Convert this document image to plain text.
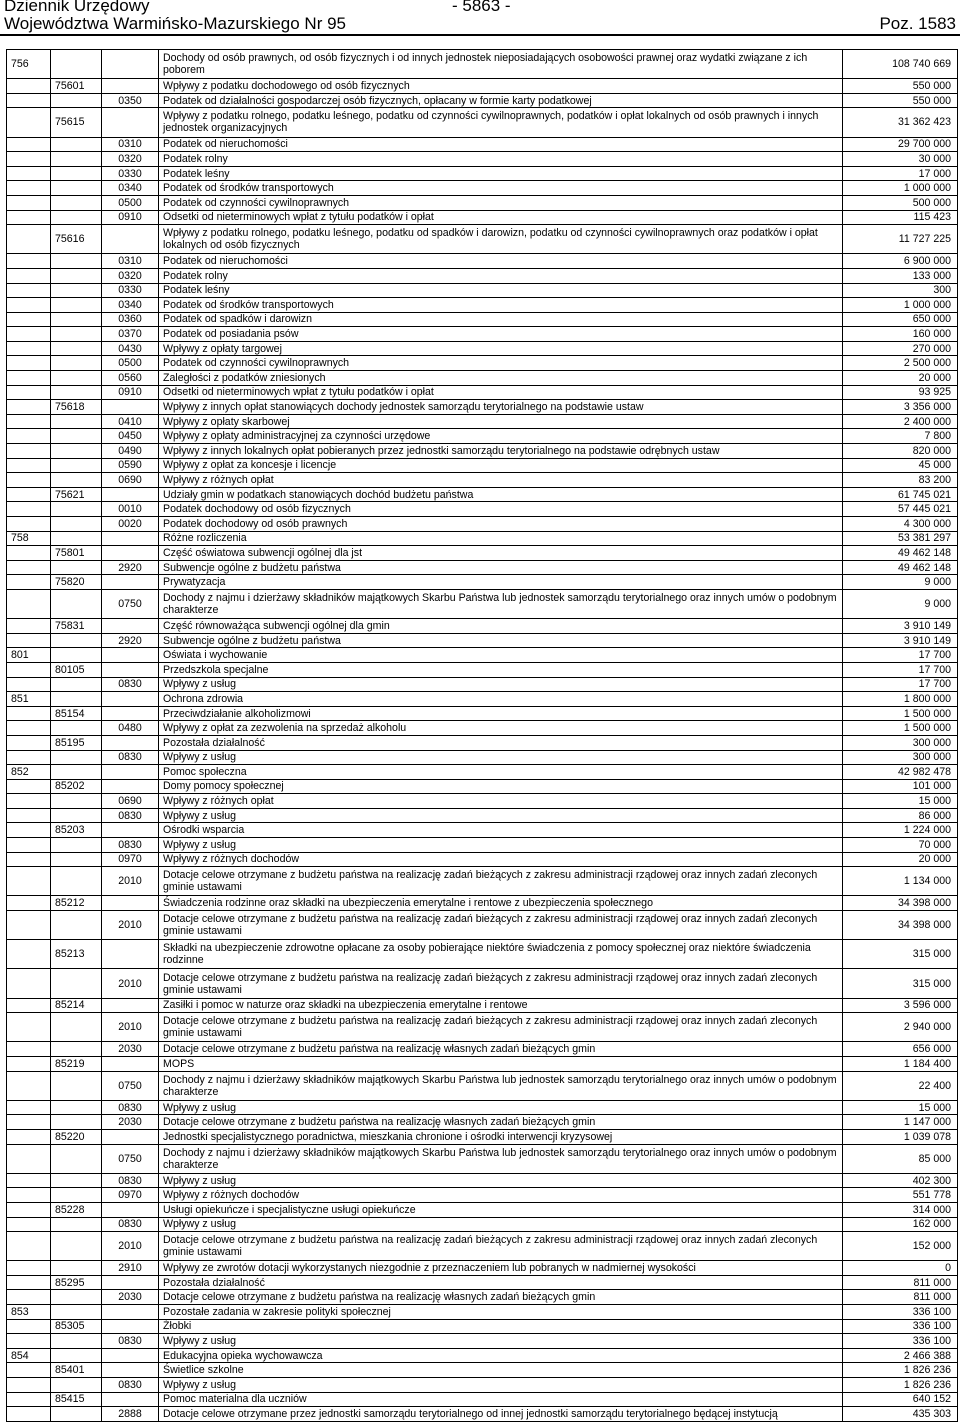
Dziennik Urzędowy
Województwa Warmińsko-Mazurskiego Nr 95
- 5863 -
Poz. 1583
756			Dochody od osób prawnych, od osób fizycznych i od innych jednostek nieposiadających osobowości prawnej oraz wydatki związane z ich poborem	108 740 669
	75601		Wpływy z podatku dochodowego od osób fizycznych	550 000
		0350	Podatek od działalności gospodarczej osób fizycznych, opłacany w formie karty podatkowej	550 000
	75615		Wpływy z podatku rolnego, podatku leśnego, podatku od czynności cywilnoprawnych, podatków i opłat lokalnych od osób prawnych i innych jednostek organizacyjnych	31 362 423
		0310	Podatek od nieruchomości	29 700 000
		0320	Podatek rolny	30 000
		0330	Podatek leśny	17 000
		0340	Podatek od środków transportowych	1 000 000
		0500	Podatek od czynności cywilnoprawnych	500 000
		0910	Odsetki od nieterminowych wpłat z tytułu podatków i opłat	115 423
	75616		Wpływy z podatku rolnego, podatku leśnego, podatku od spadków i darowizn, podatku od czynności cywilnoprawnych oraz podatków i opłat lokalnych od osób fizycznych	11 727 225
		0310	Podatek od nieruchomości	6 900 000
		0320	Podatek rolny	133 000
		0330	Podatek leśny	300
		0340	Podatek od środków transportowych	1 000 000
		0360	Podatek od spadków i darowizn	650 000
		0370	Podatek od posiadania psów	160 000
		0430	Wpływy z opłaty targowej	270 000
		0500	Podatek od czynności cywilnoprawnych	2 500 000
		0560	Zaległości z podatków zniesionych	20 000
		0910	Odsetki od nieterminowych wpłat z tytułu podatków i opłat	93 925
	75618		Wpływy z innych opłat stanowiących dochody jednostek samorządu terytorialnego na podstawie ustaw	3 356 000
		0410	Wpływy z opłaty skarbowej	2 400 000
		0450	Wpływy z opłaty administracyjnej za czynności urzędowe	7 800
		0490	Wpływy z innych lokalnych opłat pobieranych przez jednostki samorządu terytorialnego na podstawie odrębnych ustaw	820 000
		0590	Wpływy z opłat za koncesje i licencje	45 000
		0690	Wpływy z różnych opłat	83 200
	75621		Udziały gmin w podatkach stanowiących dochód budżetu państwa	61 745 021
		0010	Podatek dochodowy od osób fizycznych	57 445 021
		0020	Podatek dochodowy od osób prawnych	4 300 000
758			Różne rozliczenia	53 381 297
	75801		Część oświatowa subwencji ogólnej dla jst	49 462 148
		2920	Subwencje ogólne z budżetu państwa	49 462 148
	75820		Prywatyzacja	9 000
		0750	Dochody z najmu i dzierżawy składników majątkowych Skarbu Państwa lub jednostek samorządu terytorialnego oraz innych umów o podobnym charakterze	9 000
	75831		Część równoważąca subwencji ogólnej dla gmin	3 910 149
		2920	Subwencje ogólne z budżetu państwa	3 910 149
801			Oświata i wychowanie	17 700
	80105		Przedszkola specjalne	17 700
		0830	Wpływy z usług	17 700
851			Ochrona zdrowia	1 800 000
	85154		Przeciwdziałanie alkoholizmowi	1 500 000
		0480	Wpływy z opłat za zezwolenia na sprzedaż alkoholu	1 500 000
	85195		Pozostała działalność	300 000
		0830	Wpływy z usług	300 000
852			Pomoc społeczna	42 982 478
	85202		Domy pomocy społecznej	101 000
		0690	Wpływy z różnych opłat	15 000
		0830	Wpływy z usług	86 000
	85203		Ośrodki wsparcia	1 224 000
		0830	Wpływy z usług	70 000
		0970	Wpływy z różnych dochodów	20 000
		2010	Dotacje celowe otrzymane z budżetu państwa na realizację zadań bieżących z zakresu administracji rządowej oraz innych zadań zleconych gminie ustawami	1 134 000
	85212		Świadczenia rodzinne oraz składki na ubezpieczenia emerytalne i rentowe z ubezpieczenia społecznego	34 398 000
		2010	Dotacje celowe otrzymane z budżetu państwa na realizację zadań bieżących z zakresu administracji rządowej oraz innych zadań zleconych gminie ustawami	34 398 000
	85213		Składki na ubezpieczenie zdrowotne opłacane za osoby pobierające niektóre świadczenia z pomocy społecznej oraz niektóre świadczenia rodzinne	315 000
		2010	Dotacje celowe otrzymane z budżetu państwa na realizację zadań bieżących z zakresu administracji rządowej oraz innych zadań zleconych gminie ustawami	315 000
	85214		Zasiłki i pomoc w naturze oraz składki na ubezpieczenia emerytalne i rentowe	3 596 000
		2010	Dotacje celowe otrzymane z budżetu państwa na realizację zadań bieżących z zakresu administracji rządowej oraz innych zadań zleconych gminie ustawami	2 940 000
		2030	Dotacje celowe otrzymane z budżetu państwa na realizację własnych zadań bieżących gmin	656 000
	85219		MOPS	1 184 400
		0750	Dochody z najmu i dzierżawy składników majątkowych Skarbu Państwa lub jednostek samorządu terytorialnego oraz innych umów o podobnym charakterze	22 400
		0830	Wpływy z usług	15 000
		2030	Dotacje celowe otrzymane z budżetu państwa na realizację własnych zadań bieżących gmin	1 147 000
	85220		Jednostki specjalistycznego poradnictwa, mieszkania chronione i ośrodki interwencji kryzysowej	1 039 078
		0750	Dochody z najmu i dzierżawy składników majątkowych Skarbu Państwa lub jednostek samorządu terytorialnego oraz innych umów o podobnym charakterze	85 000
		0830	Wpływy z usług	402 300
		0970	Wpływy z różnych dochodów	551 778
	85228		Usługi opiekuńcze i specjalistyczne usługi opiekuńcze	314 000
		0830	Wpływy z usług	162 000
		2010	Dotacje celowe otrzymane z budżetu państwa na realizację zadań bieżących z zakresu administracji rządowej oraz innych zadań zleconych gminie ustawami	152 000
		2910	Wpływy ze zwrotów dotacji wykorzystanych niezgodnie z przeznaczeniem lub pobranych w nadmiernej wysokości	0
	85295		Pozostała działalność	811 000
		2030	Dotacje celowe otrzymane z budżetu państwa na realizację własnych zadań bieżących gmin	811 000
853			Pozostałe zadania w zakresie polityki społecznej	336 100
	85305		Żłobki	336 100
		0830	Wpływy z usług	336 100
854			Edukacyjna opieka wychowawcza	2 466 388
	85401		Świetlice szkolne	1 826 236
		0830	Wpływy z usług	1 826 236
	85415		Pomoc materialna dla uczniów	640 152
		2888	Dotacje celowe otrzymane przez jednostki samorządu terytorialnego od innej jednostki samorządu terytorialnego będącej instytucją	435 303
